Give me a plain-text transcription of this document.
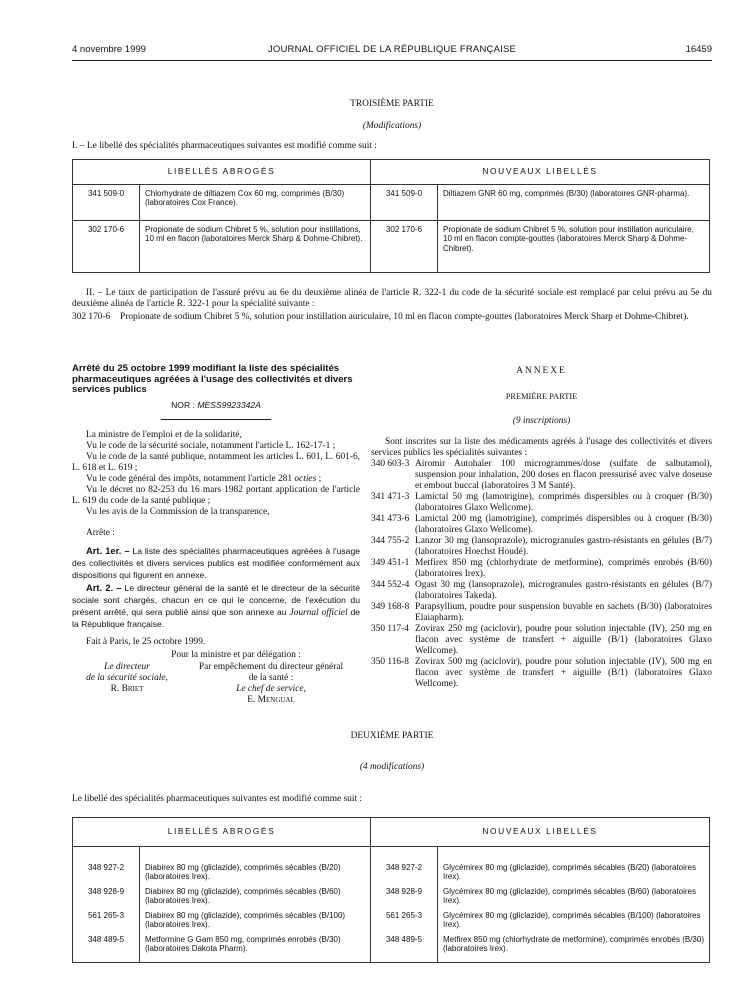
4 novembre 1999	JOURNAL OFFICIEL DE LA RÉPUBLIQUE FRANÇAISE	16459
TROISIÈME PARTIE
(Modifications)
I. – Le libellé des spécialités pharmaceutiques suivantes est modifié comme suit :
LIBELLÉS ABROGÉS		NOUVEAUX LIBELLÉS	
341 509-0	Chlorhydrate de diltiazem Cox 60 mg, comprimés (B/30) (laboratoires Cox France).	341 509-0	Diltiazem GNR 60 mg, comprimés (B/30) (laboratoires GNR-pharma).
302 170-6	Propionate de sodium Chibret 5 %, solution pour instillations, 10 ml en flacon (laboratoires Merck Sharp & Dohme-Chibret).	302 170-6	Propionate de sodium Chibret 5 %, solution pour instillation auriculaire, 10 ml en flacon compte-gouttes (laboratoires Merck Sharp & Dohme-Chibret).

II. – Le taux de participation de l'assuré prévu au 6e du deuxième alinéa de l'article R. 322-1 du code de la sécurité sociale est remplacé par celui prévu au 5e du deuxième alinéa de l'article R. 322-1 pour la spécialité suivante :

302 170-6	Propionate de sodium Chibret 5 %, solution pour instillation auriculaire, 10 ml en flacon compte-gouttes (laboratoires Merck Sharp et Dohme-Chibret).

Arrêté du 25 octobre 1999 modifiant la liste des spécialités pharmaceutiques agréées à l'usage des collectivités et divers services publics

NOR : MESS9923342A

La ministre de l'emploi et de la solidarité,

Vu le code de la sécurité sociale, notamment l'article L. 162-17-1 ;

Vu le code de la santé publique, notamment les articles L. 601, L. 601-6, L. 618 et L. 619 ;

Vu le code général des impôts, notamment l'article 281 octies ;

Vu le décret no 82-253 du 16 mars 1982 portant application de l'article L. 619 du code de la santé publique ;

Vu les avis de la Commission de la transparence,

Arrête :

Art. 1er. – La liste des spécialités pharmaceutiques agréées à l'usage des collectivités et divers services publics est modifiée conformément aux dispositions qui figurent en annexe.

Art. 2. – Le directeur général de la santé et le directeur de la sécurité sociale sont chargés, chacun en ce qui le concerne, de l'exécution du présent arrêté, qui sera publié ainsi que son annexe au Journal officiel de la République française.

Fait à Paris, le 25 octobre 1999.

Pour la ministre et par délégation :

Le directeur

de la sécurité sociale,

R. Briet

Par empêchement du directeur général

de la santé :

Le chef de service,

E. Mengual

ANNEXE

PREMIÈRE PARTIE

(9 inscriptions)

Sont inscrites sur la liste des médicaments agréés à l'usage des collectivités et divers services publics les spécialités suivantes :

340 603-3 Airomir Autohaler 100 microgrammes/dose (sulfate de salbutamol), suspension pour inhalation, 200 doses en flacon pressurisé avec valve doseuse et embout buccal (laboratoires 3 M Santé).
341 471-3 Lamictal 50 mg (lamotrigine), comprimés dispersibles ou à croquer (B/30) (laboratoires Glaxo Wellcome).
341 473-6 Lamictal 200 mg (lamotrigine), comprimés dispersibles ou à croquer (B/30) (laboratoires Glaxo Wellcome).
344 755-2 Lanzor 30 mg (lansoprazole), microgranules gastro-résistants en gélules (B/7) (laboratoires Hoechst Houdé).
349 451-1 Metfirex 850 mg (chlorhydrate de metformine), comprimés enrobés (B/60) (laboratoires Irex).
344 552-4 Ogast 30 mg (lansoprazole), microgranules gastro-résistants en gélules (B/7) (laboratoires Takeda).
349 168-8 Parapsyllium, poudre pour suspension buvable en sachets (B/30) (laboratoires Elaiapharm).
350 117-4 Zovirax 250 mg (aciclovir), poudre pour solution injectable (IV), 250 mg en flacon avec système de transfert + aiguille (B/1) (laboratoires Glaxo Wellcome).
350 116-8 Zovirax 500 mg (aciclovir), poudre pour solution injectable (IV), 500 mg en flacon avec système de transfert + aiguille (B/1) (laboratoires Glaxo Wellcome).
DEUXIÈME PARTIE
(4 modifications)
Le libellé des spécialités pharmaceutiques suivantes est modifié comme suit :
LIBELLÉS ABROGÉS		NOUVEAUX LIBELLÉS	
348 927-2	Diabirex 80 mg (gliclazide), comprimés sécables (B/20) (laboratoires Irex).	348 927-2	Glycémirex 80 mg (gliclazide), comprimés sécables (B/20) (laboratoires Irex).
348 928-9	Diabirex 80 mg (gliclazide), comprimés sécables (B/60) (laboratoires Irex).	348 928-9	Glycémirex 80 mg (gliclazide), comprimés sécables (B/60) (laboratoires Irex).
561 265-3	Diabirex 80 mg (gliclazide), comprimés sécables (B/100) (laboratoires Irex).	561 265-3	Glycémirex 80 mg (gliclazide), comprimés sécables (B/100) (laboratoires Irex).
348 489-5	Metformine G Gam 850 mg, comprimés enrobés (B/30) (laboratoires Dakota Pharm).	348 489-5	Metfirex 850 mg (chlorhydrate de metformine), comprimés enrobés (B/30) (laboratoires Irex).
